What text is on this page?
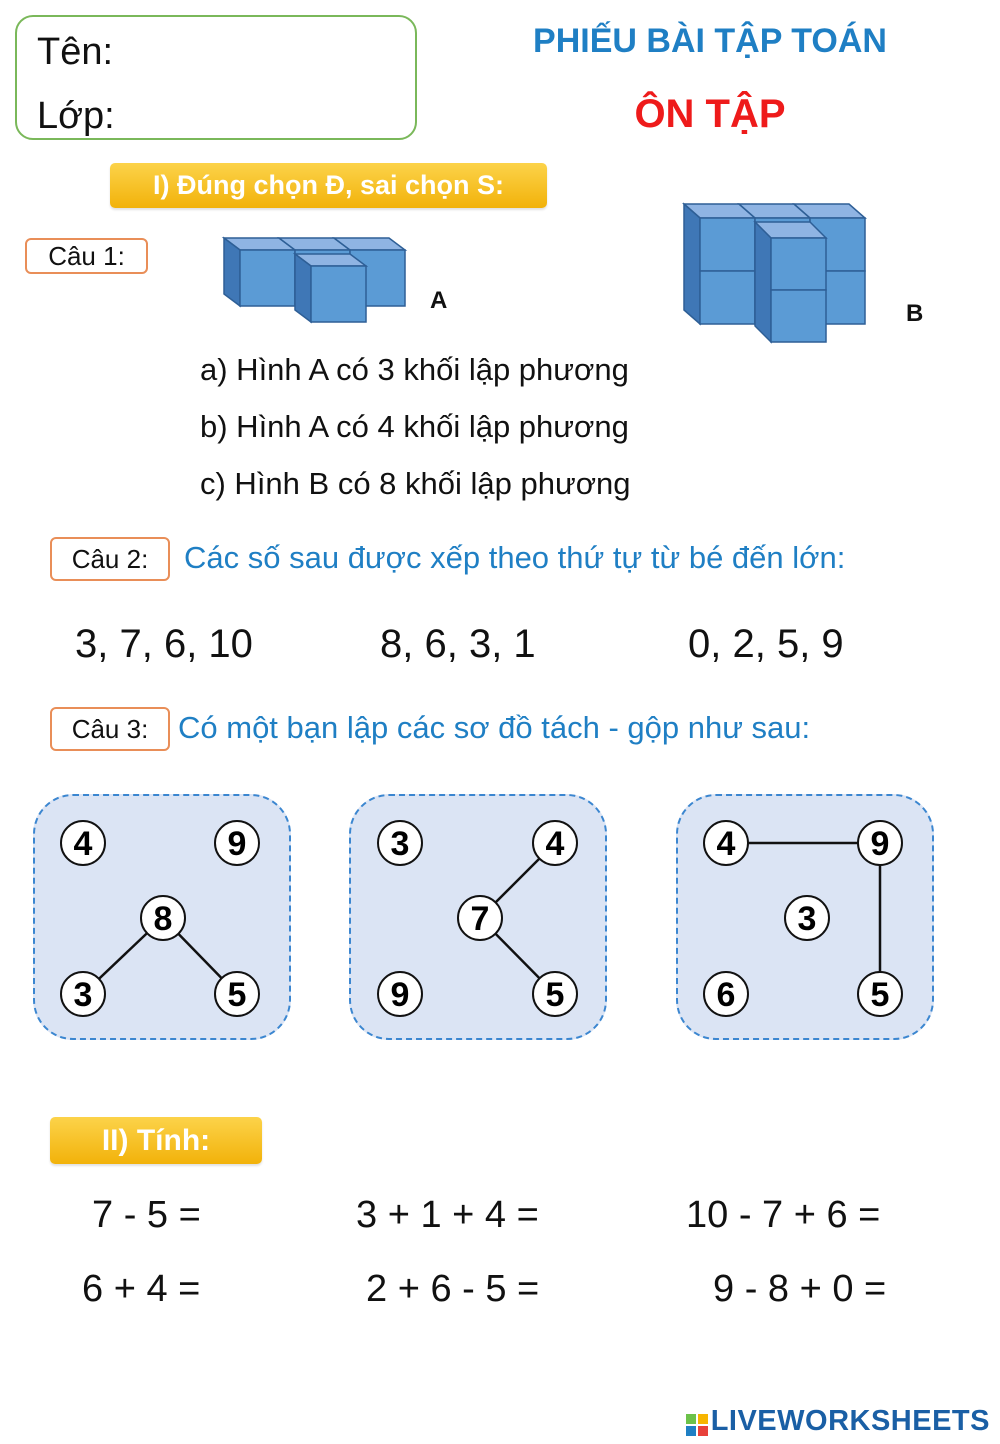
Tên:
Lớp:
PHIẾU BÀI TẬP TOÁN
ÔN TẬP
I) Đúng chọn Đ, sai chọn S:
Câu 1:
A	B
a) Hình A có 3 khối lập phương
b) Hình A có 4 khối lập phương
c) Hình B có 8 khối lập phương
Câu 2:	Các số sau được xếp theo thứ tự từ bé đến lớn:
3, 7, 6, 10	8, 6, 3, 1	0, 2, 5, 9
Câu 3: Có một bạn lập các sơ đồ tách - gộp như sau:
4	9
8
3	5
3	4
7
9	5
4	9
3
6	5
II) Tính:
7 - 5 =	3 + 1 + 4 =	10 - 7 + 6 =
6 + 4 =	2 + 6 - 5 =	9 - 8 + 0 =
LIVEWORKSHEETS
